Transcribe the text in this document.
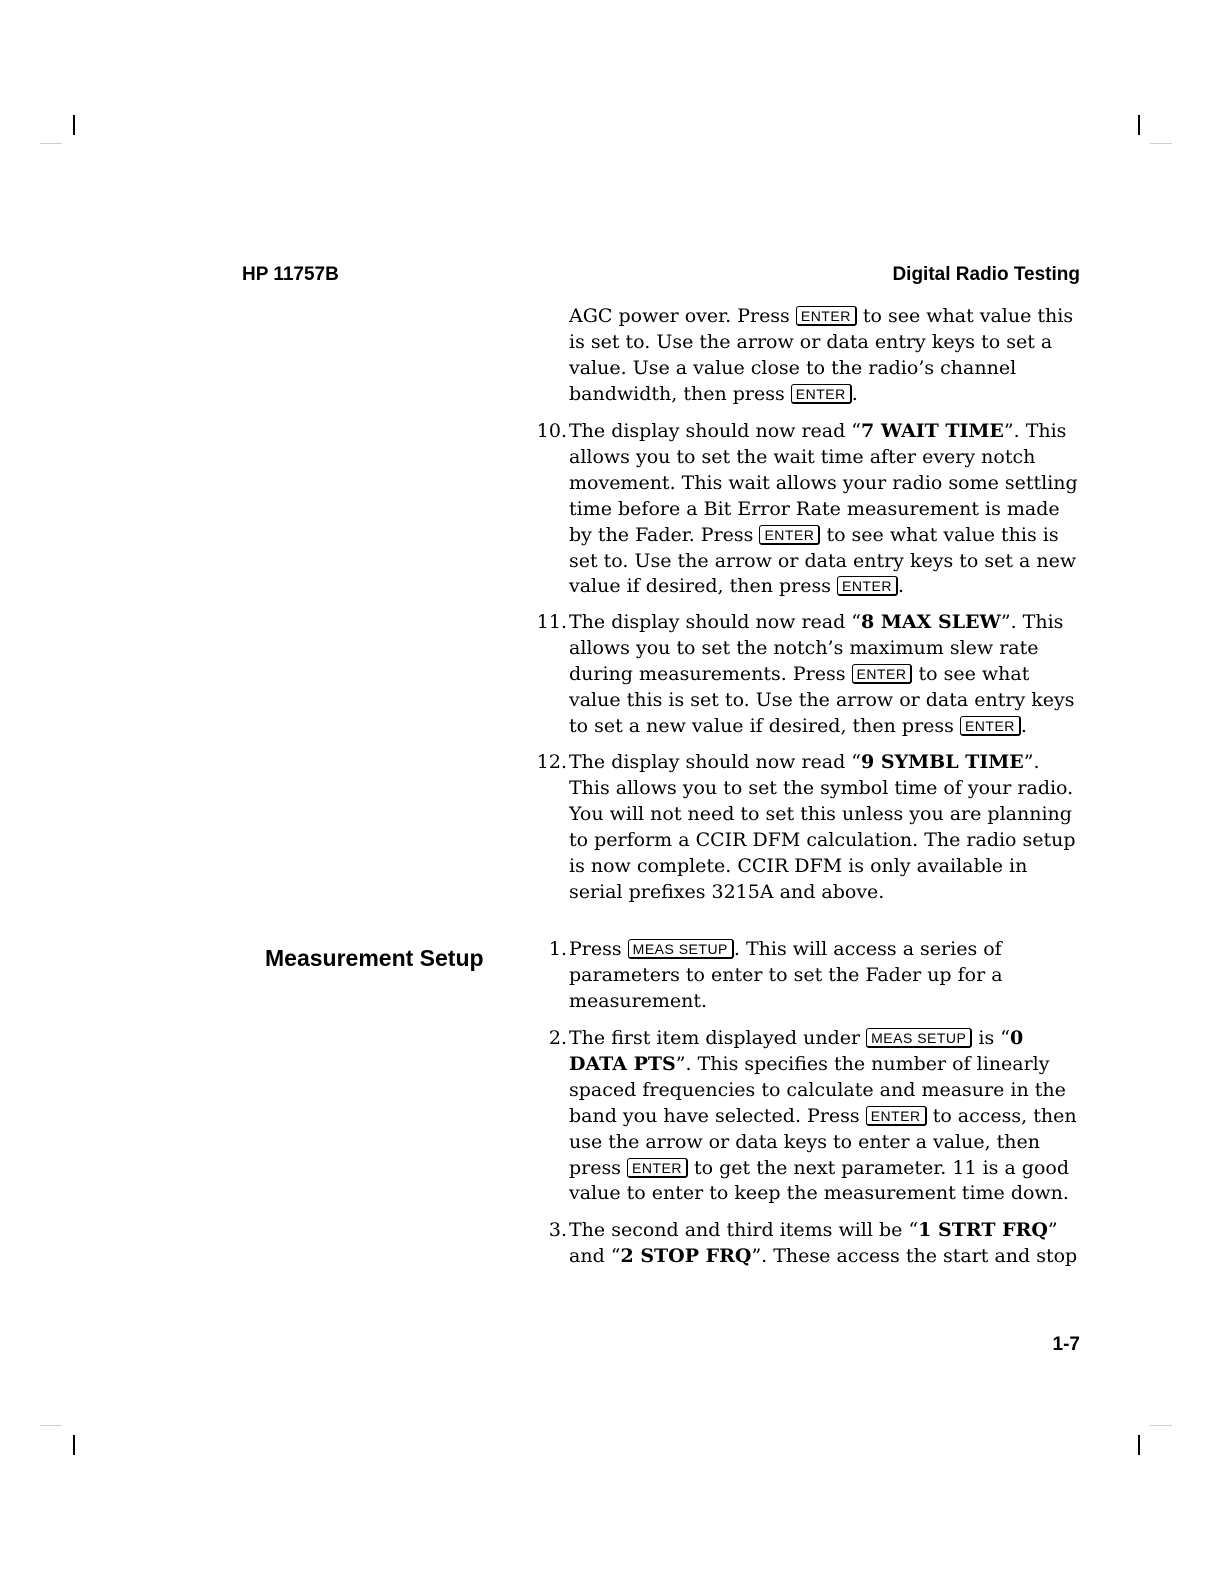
HP 11757B	Digital Radio Testing
AGC power over. Press ENTER to see what value this is set to. Use the arrow or data entry keys to set a value. Use a value close to the radio’s channel bandwidth, then press ENTER .
10. The display should now read “7 WAIT TIME”. This allows you to set the wait time after every notch movement. This wait allows your radio some settling time before a Bit Error Rate measurement is made by the Fader. Press ENTER to see what value this is set to. Use the arrow or data entry keys to set a new value if desired, then press ENTER .
11. The display should now read “8 MAX SLEW”. This allows you to set the notch’s maximum slew rate during measurements. Press ENTER to see what value this is set to. Use the arrow or data entry keys to set a new value if desired, then press ENTER .
12. The display should now read “9 SYMBL TIME”. This allows you to set the symbol time of your radio. You will not need to set this unless you are planning to perform a CCIR DFM calculation. The radio setup is now complete. CCIR DFM is only available in serial prefixes 3215A and above.
Measurement Setup	1. Press MEAS SETUP . This will access a series of parameters to enter to set the Fader up for a measurement.
2. The first item displayed under MEAS SETUP is “0 DATA PTS”. This specifies the number of linearly spaced frequencies to calculate and measure in the band you have selected. Press ENTER to access, then use the arrow or data keys to enter a value, then press ENTER to get the next parameter. 11 is a good value to enter to keep the measurement time down.
3. The second and third items will be “1 STRT FRQ” and “2 STOP FRQ”. These access the start and stop
1-7
